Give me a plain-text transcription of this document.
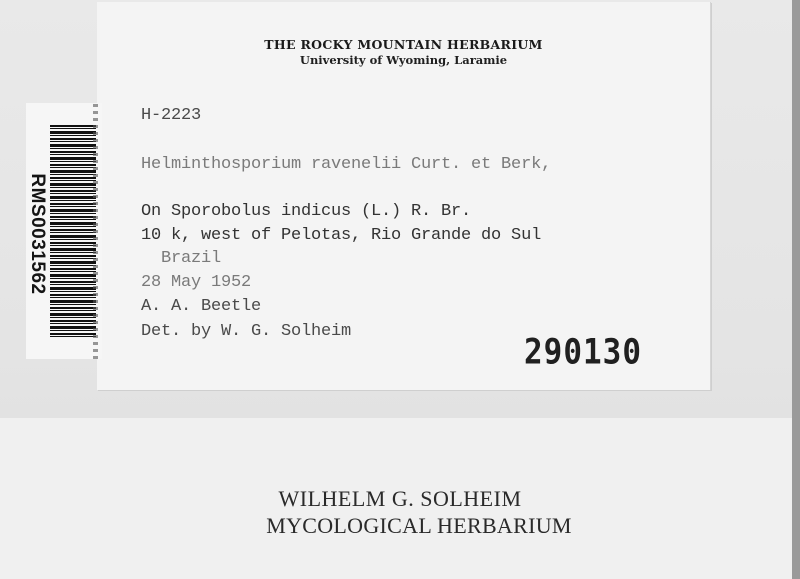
THE ROCKY MOUNTAIN HERBARIUM
University of Wyoming, Laramie
H-2223
Helminthosporium ravenelii Curt. et Berk,
On Sporobolus indicus (L.) R. Br.
10 k, west of Pelotas, Rio Grande do Sul
Brazil
28 May 1952
A. A. Beetle
Det. by W. G. Solheim
290130
RMS0031562
WILHELM G. SOLHEIM
MYCOLOGICAL HERBARIUM
